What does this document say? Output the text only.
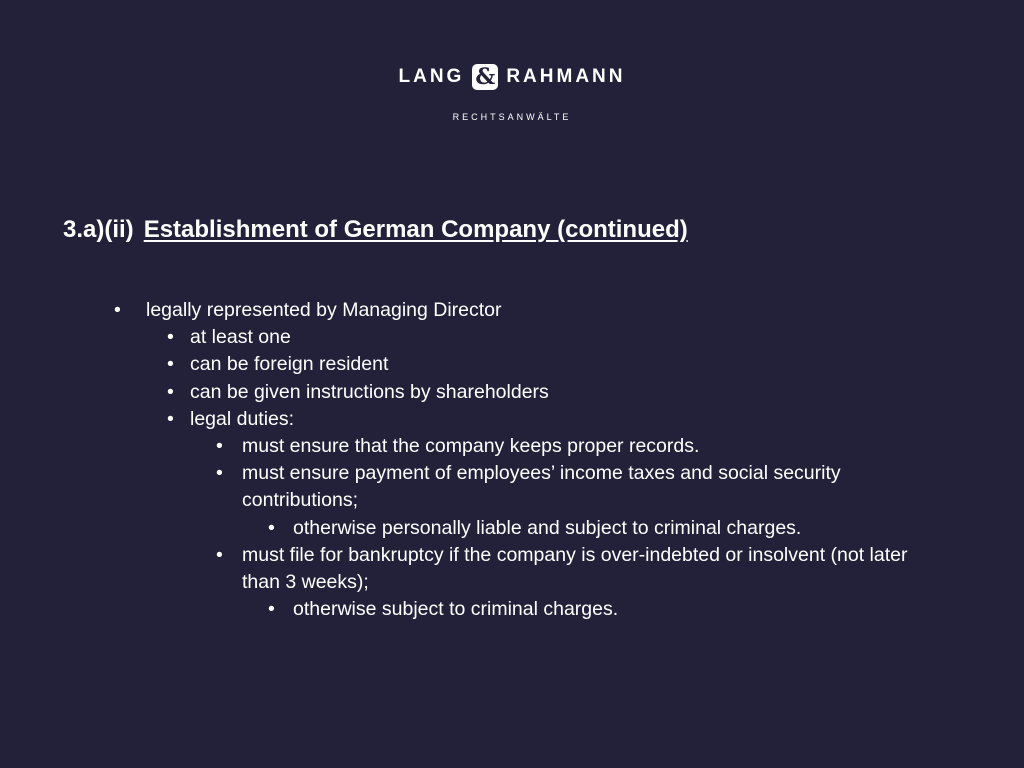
LANG & RAHMANN
RECHTSANWÄLTE
3.a)(ii) Establishment of German Company (continued)
• legally represented by Managing Director
• at least one
• can be foreign resident
• can be given instructions by shareholders
• legal duties:
• must ensure that the company keeps proper records.
• must ensure payment of employees’ income taxes and social security contributions;
• otherwise personally liable and subject to criminal charges.
• must file for bankruptcy if the company is over-indebted or insolvent (not later than 3 weeks);
• otherwise subject to criminal charges.
